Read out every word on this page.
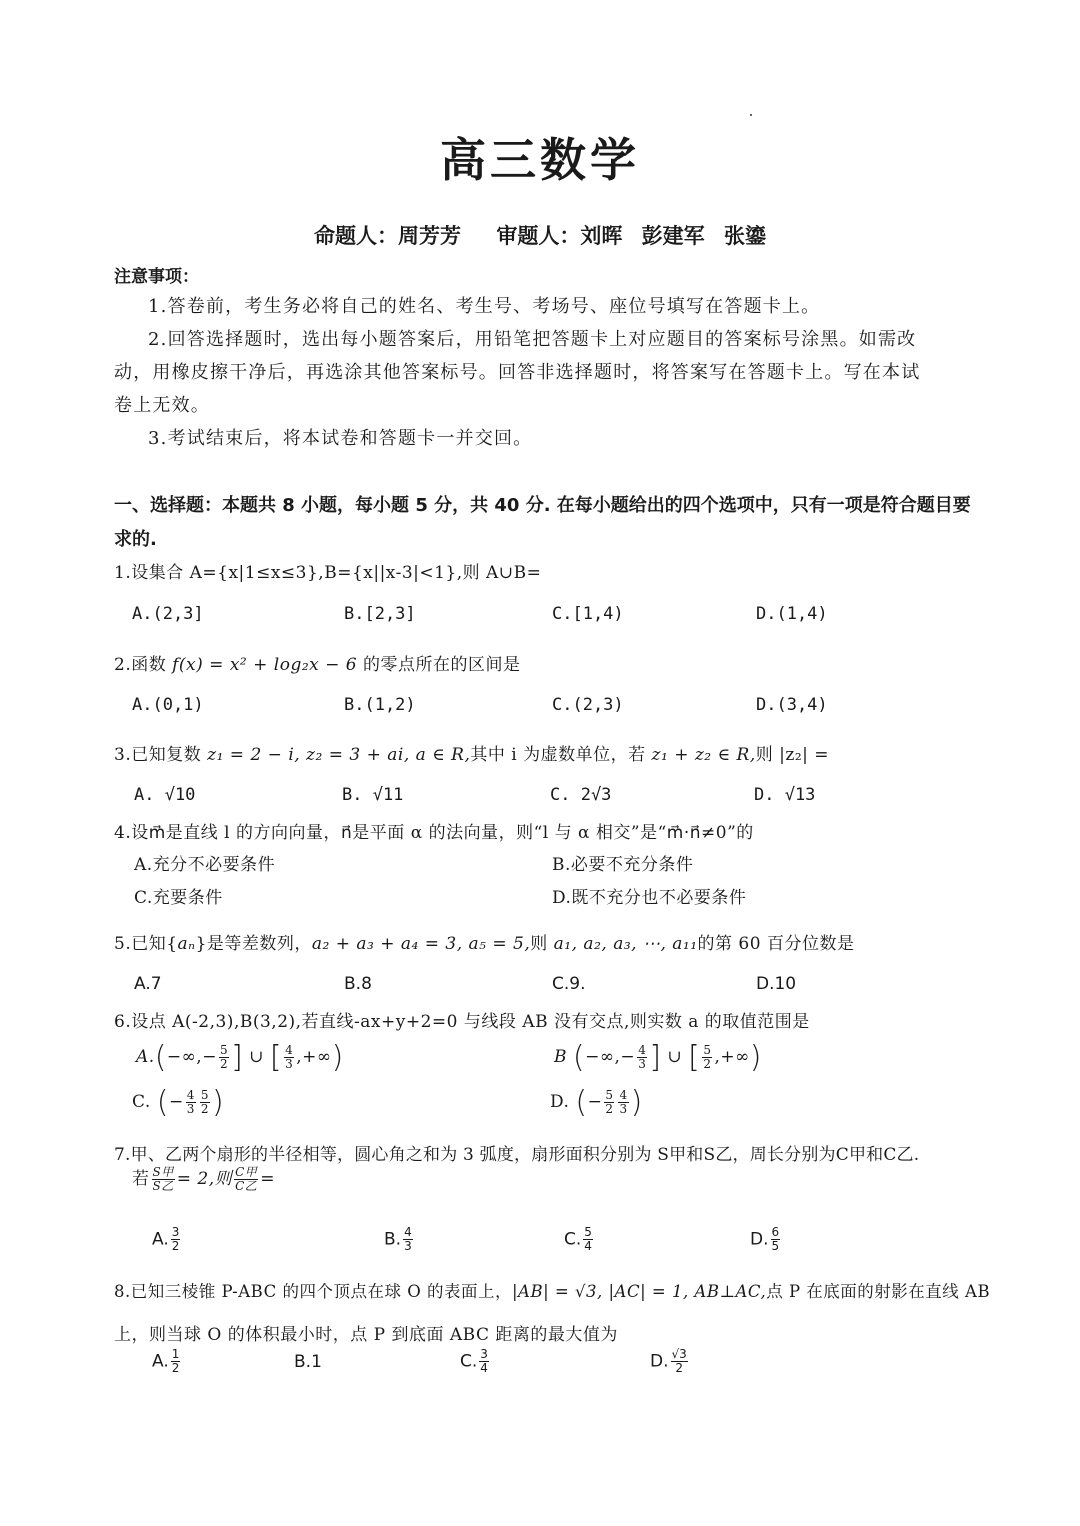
高三数学
命题人：周芳芳 审题人：刘晖 彭建军 张鎏
注意事项：
1.答卷前，考生务必将自己的姓名、考生号、考场号、座位号填写在答题卡上。
2.回答选择题时，选出每小题答案后，用铅笔把答题卡上对应题目的答案标号涂黑。如需改
动，用橡皮擦干净后，再选涂其他答案标号。回答非选择题时，将答案写在答题卡上。写在本试
卷上无效。
3.考试结束后，将本试卷和答题卡一并交回。
一、选择题：本题共 8 小题，每小题 5 分，共 40 分. 在每小题给出的四个选项中，只有一项是符合题目要求的.
1.设集合 A={x|1≤x≤3},B={x||x-3|<1},则 A∪B=
A.(2,3]	B.[2,3]	C.[1,4)	D.(1,4)
2.函数 f(x) = x² + log₂x − 6 的零点所在的区间是
A.(0,1)	B.(1,2)	C.(2,3)	D.(3,4)
3.已知复数 z₁ = 2 − i, z₂ = 3 + ai, a ∈ R,其中 i 为虚数单位，若 z₁ + z₂ ∈ R,则 |z₂| =
A. √10	B. √11	C. 2√3	D. √13
4.设m⃗是直线 l 的方向向量，n⃗是平面 α 的法向量，则“l 与 α 相交”是“m⃗·n⃗≠0”的
A.充分不必要条件	B.必要不充分条件
C.充要条件	D.既不充分也不必要条件
5.已知{aₙ}是等差数列，a₂ + a₃ + a₄ = 3, a₅ = 5,则 a₁, a₂, a₃, ⋯, a₁₁的第 60 百分位数是
A.7	B.8	C.9.	D.10
6.设点 A(-2,3),B(3,2),若直线-ax+y+2=0 与线段 AB 没有交点,则实数 a 的取值范围是
$A.(-\infty,- \frac{5}{2}$ ] ∪ [ $\frac{4}{3}$ ,+∞)	B (−∞,− $\frac{4}{3}$ ] ∪ [ $\frac{5}{2}$ ,+∞)
C. (− $\frac{4}{3} \frac{5}{2}$ )	D. (− $\frac{5}{2} \frac{4}{3}$ )
7.甲、乙两个扇形的半径相等，圆心角之和为 3 弧度，扇形面积分别为 S甲和S乙，周长分别为C甲和C乙.
若 $\frac{\text{S甲}}{\text{S乙}} = 2$,则 $\frac{\text{C甲}}{\text{C乙}}$ =
A. $\frac{3}{2}$	B. $\frac{4}{3}$	C. $\frac{5}{4}$	D. $\frac{6}{5}$
8.已知三棱锥 P-ABC 的四个顶点在球 O 的表面上，|AB| = √3, |AC| = 1, AB⊥AC,点 P 在底面的射影在直线 AB
上，则当球 O 的体积最小时，点 P 到底面 ABC 距离的最大值为
A. $\frac{1}{2}$	B.1	C. $\frac{3}{4}$	D. $\frac{√3}{2}$
